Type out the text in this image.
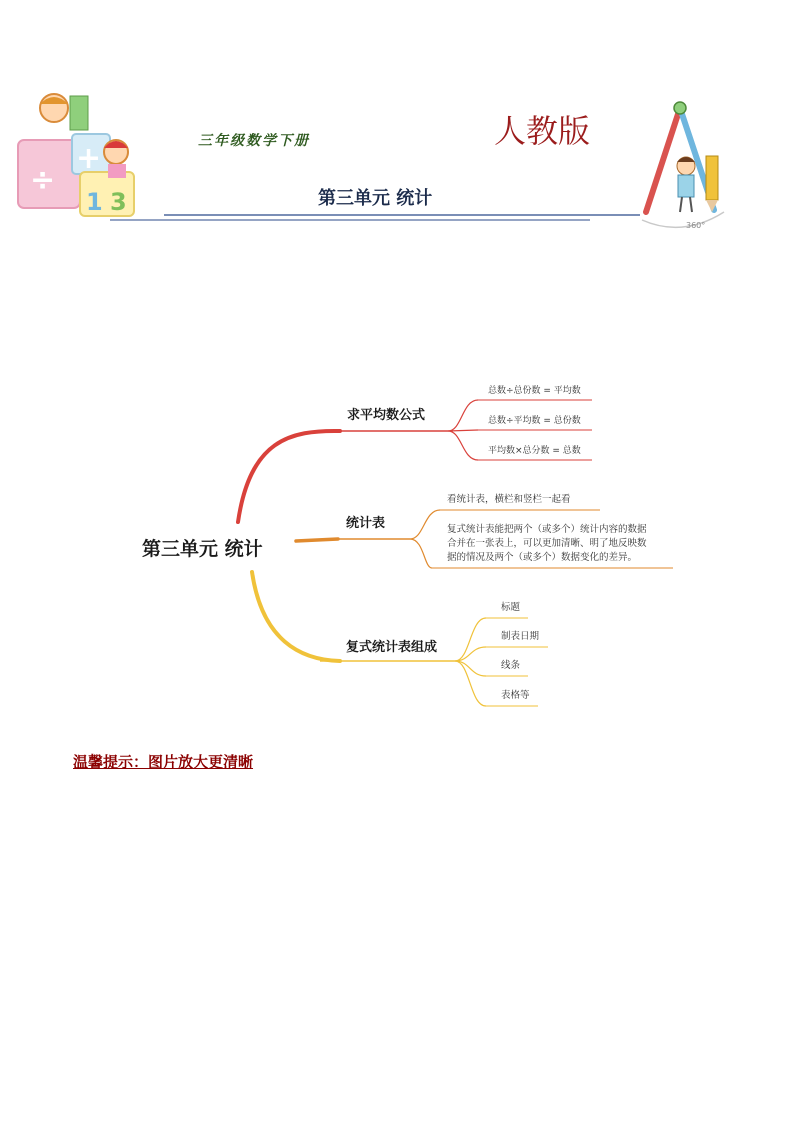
÷
+
1 3
三年级数学下册	人教版
第三单元 统计
360°
第三单元 统计
求平均数公式
总数÷总份数 = 平均数
总数÷平均数 = 总份数
平均数×总分数 = 总数
统计表
看统计表，横栏和竖栏一起看
复式统计表能把两个（或多个）统计内容的数据
合并在一张表上，可以更加清晰、明了地反映数
据的情况及两个（或多个）数据变化的差异。
复式统计表组成
标题
制表日期
线条
表格等
温馨提示：图片放大更清晰
